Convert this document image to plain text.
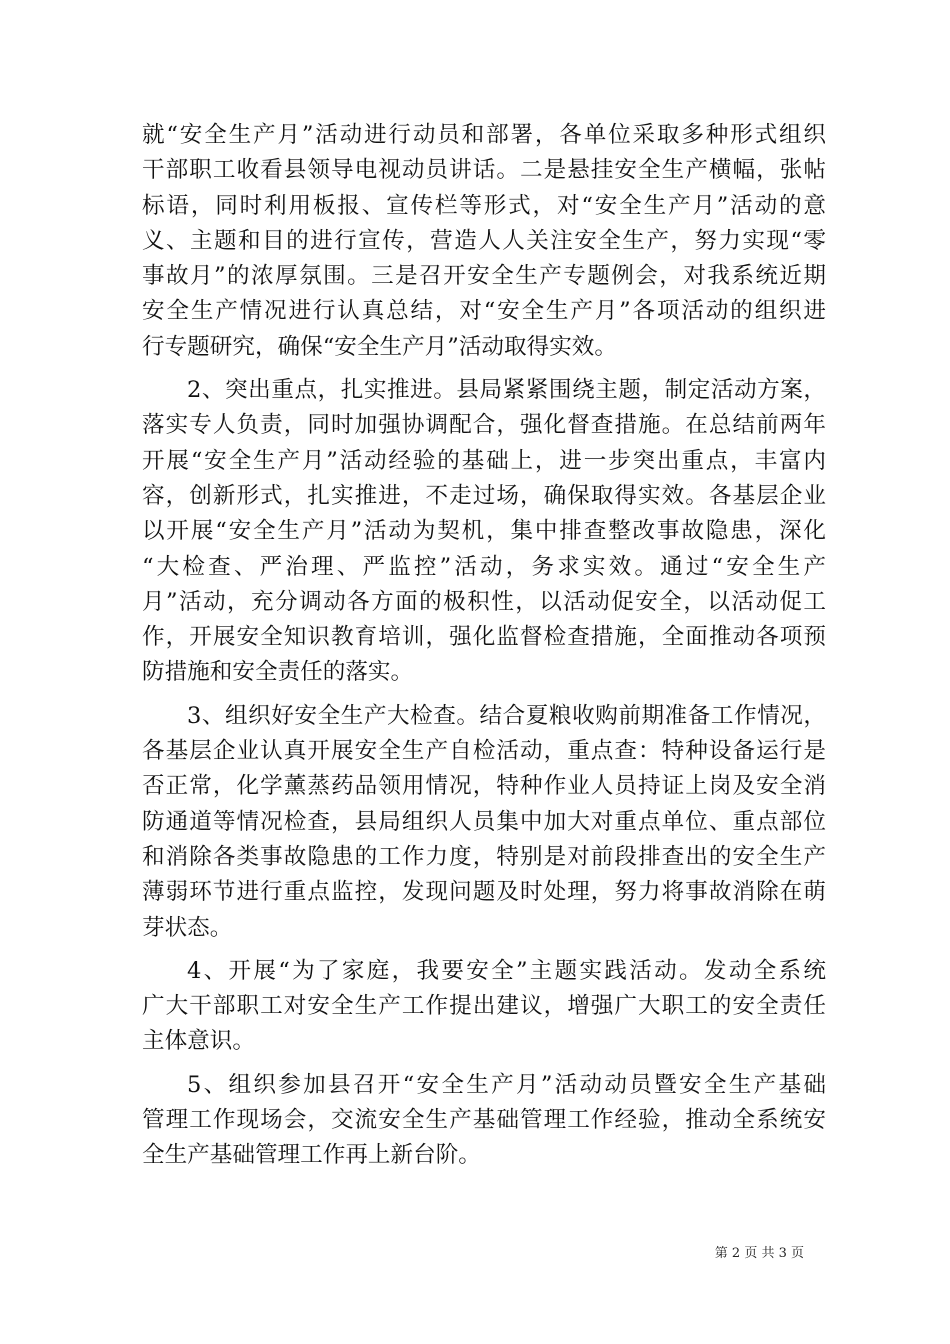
就“安全生产月”活动进行动员和部署，各单位采取多种形式组织
干部职工收看县领导电视动员讲话。二是悬挂安全生产横幅，张帖
标语，同时利用板报、宣传栏等形式，对“安全生产月”活动的意
义、主题和目的进行宣传，营造人人关注安全生产，努力实现“零
事故月”的浓厚氛围。三是召开安全生产专题例会，对我系统近期
安全生产情况进行认真总结，对“安全生产月”各项活动的组织进
行专题研究，确保“安全生产月”活动取得实效。
2、突出重点，扎实推进。县局紧紧围绕主题，制定活动方案，
落实专人负责，同时加强协调配合，强化督查措施。在总结前两年
开展“安全生产月”活动经验的基础上，进一步突出重点，丰富内
容，创新形式，扎实推进，不走过场，确保取得实效。各基层企业
以开展“安全生产月”活动为契机，集中排查整改事故隐患，深化
“大检查、严治理、严监控”活动，务求实效。通过“安全生产
月”活动，充分调动各方面的极积性，以活动促安全，以活动促工
作，开展安全知识教育培训，强化监督检查措施，全面推动各项预
防措施和安全责任的落实。
3、组织好安全生产大检查。结合夏粮收购前期准备工作情况，
各基层企业认真开展安全生产自检活动，重点查：特种设备运行是
否正常，化学薰蒸药品领用情况，特种作业人员持证上岗及安全消
防通道等情况检查，县局组织人员集中加大对重点单位、重点部位
和消除各类事故隐患的工作力度，特别是对前段排查出的安全生产
薄弱环节进行重点监控，发现问题及时处理，努力将事故消除在萌
芽状态。
4、开展“为了家庭，我要安全”主题实践活动。发动全系统
广大干部职工对安全生产工作提出建议，增强广大职工的安全责任
主体意识。
5、组织参加县召开“安全生产月”活动动员暨安全生产基础
管理工作现场会，交流安全生产基础管理工作经验，推动全系统安
全生产基础管理工作再上新台阶。
第 2 页 共 3 页
